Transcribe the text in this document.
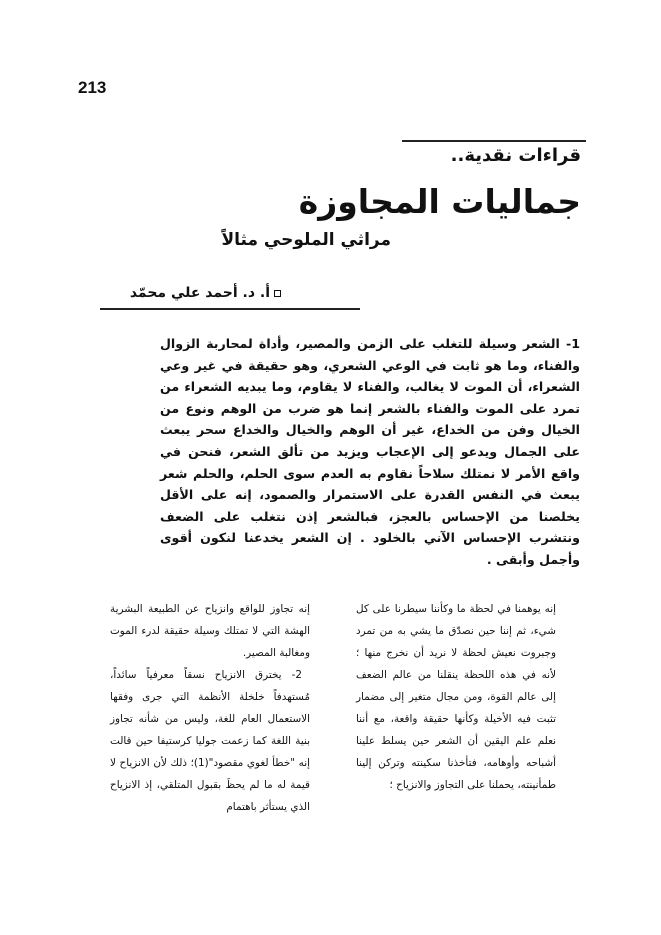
213
قراءات نقدية..
جماليات المجاوزة
مراثي الملوحي مثالاً
أ. د. أحمد علي محمّد

1- الشعر وسيلة للتغلب على الزمن والمصير، وأداة لمحاربة الزوال والفناء، وما هو ثابت في الوعي الشعري، وهو حقيقة في غير وعي الشعراء، أن الموت لا يغالب، والفناء لا يقاوم، وما يبديه الشعراء من تمرد على الموت والفناء بالشعر إنما هو ضرب من الوهم ونوع من الخيال وفن من الخداع، غير أن الوهم والخيال والخداع سحر يبعث على الجمال ويدعو إلى الإعجاب ويزيد من تألق الشعر، فنحن في واقع الأمر لا نمتلك سلاحاً نقاوم به العدم سوى الحلم، والحلم شعر يبعث في النفس القدرة على الاستمرار والصمود، إنه على الأقل يخلصنا من الإحساس بالعجز، فبالشعر إذن نتغلب على الضعف ونتشرب الإحساس الآني بالخلود . إن الشعر يخدعنا لنكون أقوى وأجمل وأبقى .

إنه يوهمنا في لحظة ما وكأننا سيطرنا على كل شيء، ثم إننا حين نصدّق ما يشي به من تمرد وجبروت نعيش لحظة لا نريد أن نخرج منها ؛ لأنه في هذه اللحظة ينقلنا من عالم الضعف إلى عالم القوة، ومن مجال متغير إلى مضمار تثبت فيه الأخيلة وكأنها حقيقة واقعة، مع أننا نعلم علم اليقين أن الشعر حين يسلط علينا أشباحه وأوهامه، فتأخذنا سكينته وتركن إلينا طمأنينته، يحملنا على التجاوز والانزياح ؛

إنه تجاوز للواقع وانزياح عن الطبيعة البشرية الهشة التي لا تمتلك وسيلة حقيقة لدرء الموت ومغالبة المصير.

2- يخترق الانزياح نسقاً معرفياً سائداً، مُستهدفاً خلخلة الأنظمة التي جرى وفقها الاستعمال العام للغة، وليس من شأنه تجاوز بنية اللغة كما زعمت جوليا كرستيفا حين قالت إنه "خطأ لغوي مقصود"(1)؛ ذلك لأن الانزياح لا قيمة له ما لم يحظَ بقبول المتلقي، إذ الانزياح الذي يستأثر باهتمام
